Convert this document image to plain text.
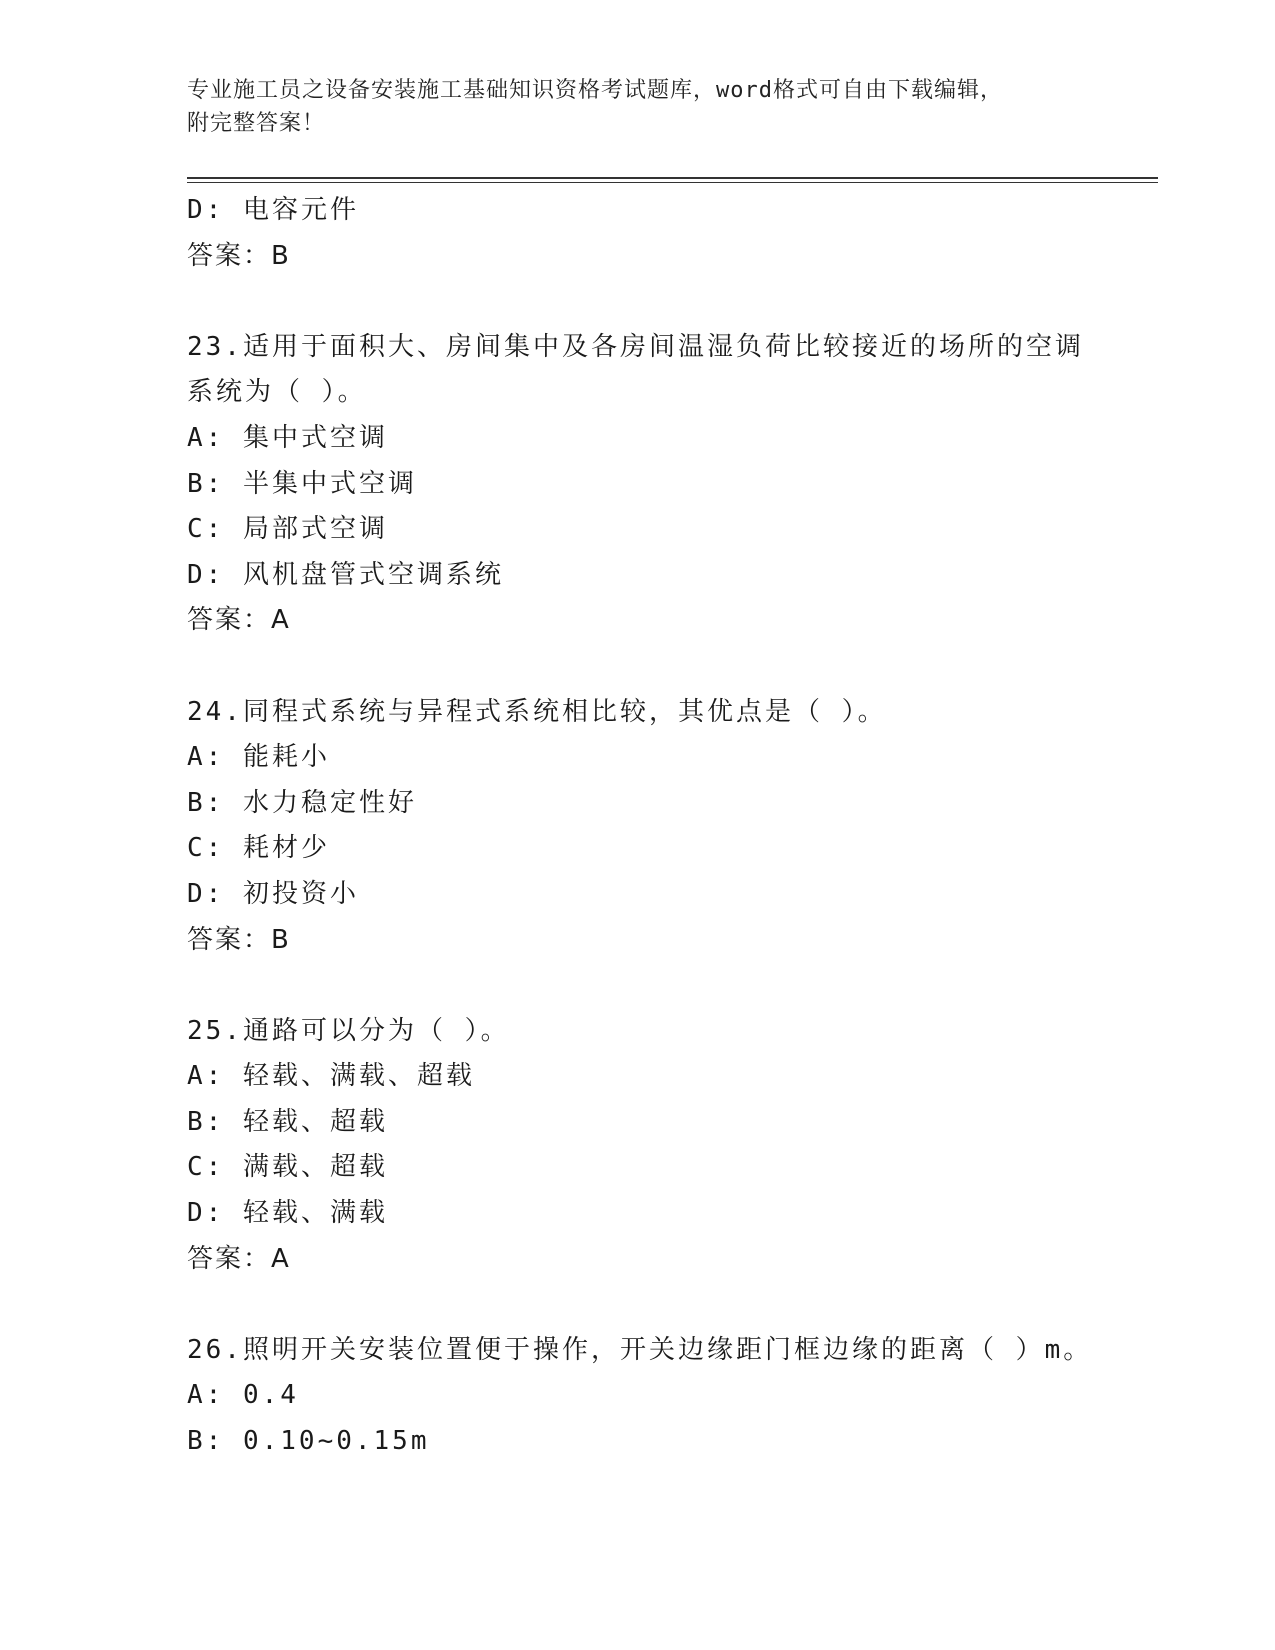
专业施工员之设备安装施工基础知识资格考试题库，word格式可自由下载编辑，
附完整答案！
D: 电容元件
答案：B
23.适用于面积大、房间集中及各房间温湿负荷比较接近的场所的空调
系统为（ ）。
A: 集中式空调
B: 半集中式空调
C: 局部式空调
D: 风机盘管式空调系统
答案：A
24.同程式系统与异程式系统相比较，其优点是（ ）。
A: 能耗小
B: 水力稳定性好
C: 耗材少
D: 初投资小
答案：B
25.通路可以分为（ ）。
A: 轻载、满载、超载
B: 轻载、超载
C: 满载、超载
D: 轻载、满载
答案：A
26.照明开关安装位置便于操作，开关边缘距门框边缘的距离（ ）m。
A: 0.4
B: 0.10~0.15m
